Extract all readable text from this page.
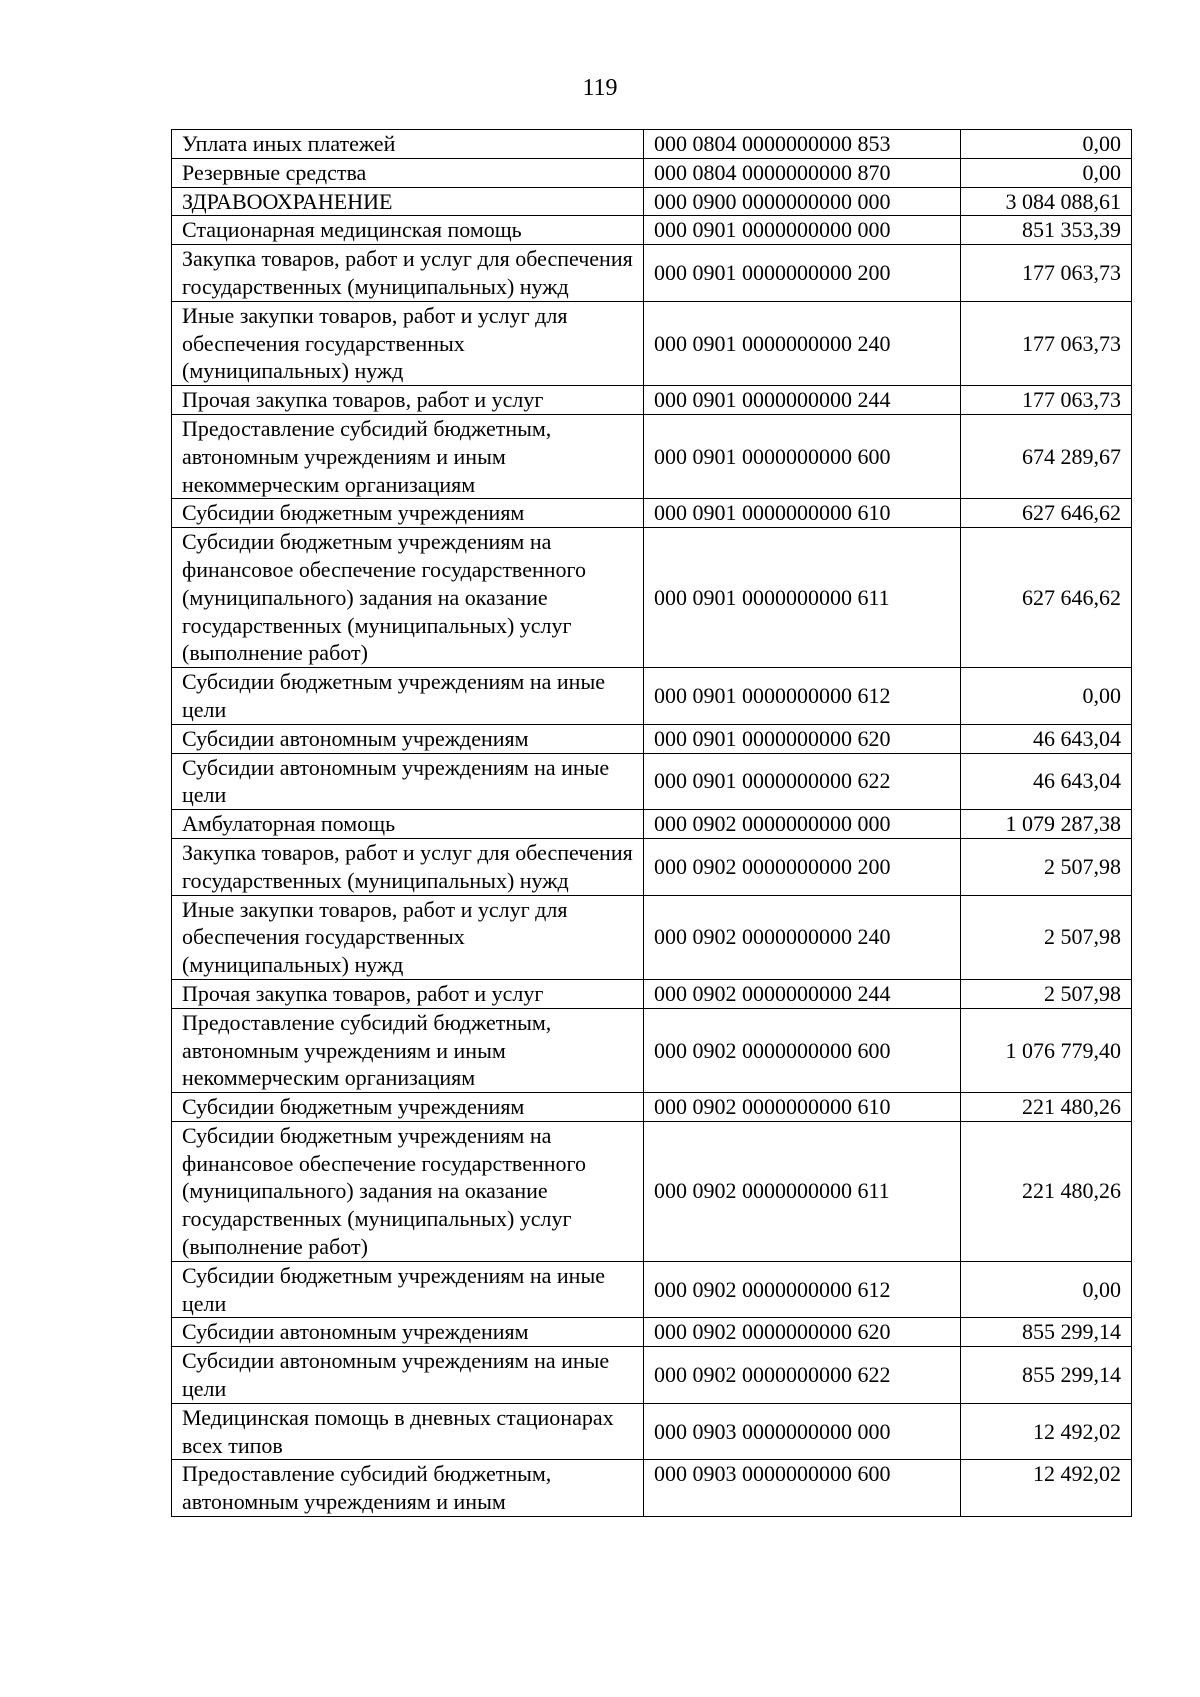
119
Уплата иных платежей	000 0804 0000000000 853	0,00
Резервные средства	000 0804 0000000000 870	0,00
ЗДРАВООХРАНЕНИЕ	000 0900 0000000000 000	3 084 088,61
Стационарная медицинская помощь	000 0901 0000000000 000	851 353,39
Закупка товаров, работ и услуг для обеспечения государственных (муниципальных) нужд	000 0901 0000000000 200	177 063,73
Иные закупки товаров, работ и услуг для обеспечения государственных (муниципальных) нужд	000 0901 0000000000 240	177 063,73
Прочая закупка товаров, работ и услуг	000 0901 0000000000 244	177 063,73
Предоставление субсидий бюджетным, автономным учреждениям и иным некоммерческим организациям	000 0901 0000000000 600	674 289,67
Субсидии бюджетным учреждениям	000 0901 0000000000 610	627 646,62
Субсидии бюджетным учреждениям на финансовое обеспечение государственного (муниципального) задания на оказание государственных (муниципальных) услуг (выполнение работ)	000 0901 0000000000 611	627 646,62
Субсидии бюджетным учреждениям на иные цели	000 0901 0000000000 612	0,00
Субсидии автономным учреждениям	000 0901 0000000000 620	46 643,04
Субсидии автономным учреждениям на иные цели	000 0901 0000000000 622	46 643,04
Амбулаторная помощь	000 0902 0000000000 000	1 079 287,38
Закупка товаров, работ и услуг для обеспечения государственных (муниципальных) нужд	000 0902 0000000000 200	2 507,98
Иные закупки товаров, работ и услуг для обеспечения государственных (муниципальных) нужд	000 0902 0000000000 240	2 507,98
Прочая закупка товаров, работ и услуг	000 0902 0000000000 244	2 507,98
Предоставление субсидий бюджетным, автономным учреждениям и иным некоммерческим организациям	000 0902 0000000000 600	1 076 779,40
Субсидии бюджетным учреждениям	000 0902 0000000000 610	221 480,26
Субсидии бюджетным учреждениям на финансовое обеспечение государственного (муниципального) задания на оказание государственных (муниципальных) услуг (выполнение работ)	000 0902 0000000000 611	221 480,26
Субсидии бюджетным учреждениям на иные цели	000 0902 0000000000 612	0,00
Субсидии автономным учреждениям	000 0902 0000000000 620	855 299,14
Субсидии автономным учреждениям на иные цели	000 0902 0000000000 622	855 299,14
Медицинская помощь в дневных стационарах всех типов	000 0903 0000000000 000	12 492,02
Предоставление субсидий бюджетным, автономным учреждениям и иным	000 0903 0000000000 600	12 492,02
